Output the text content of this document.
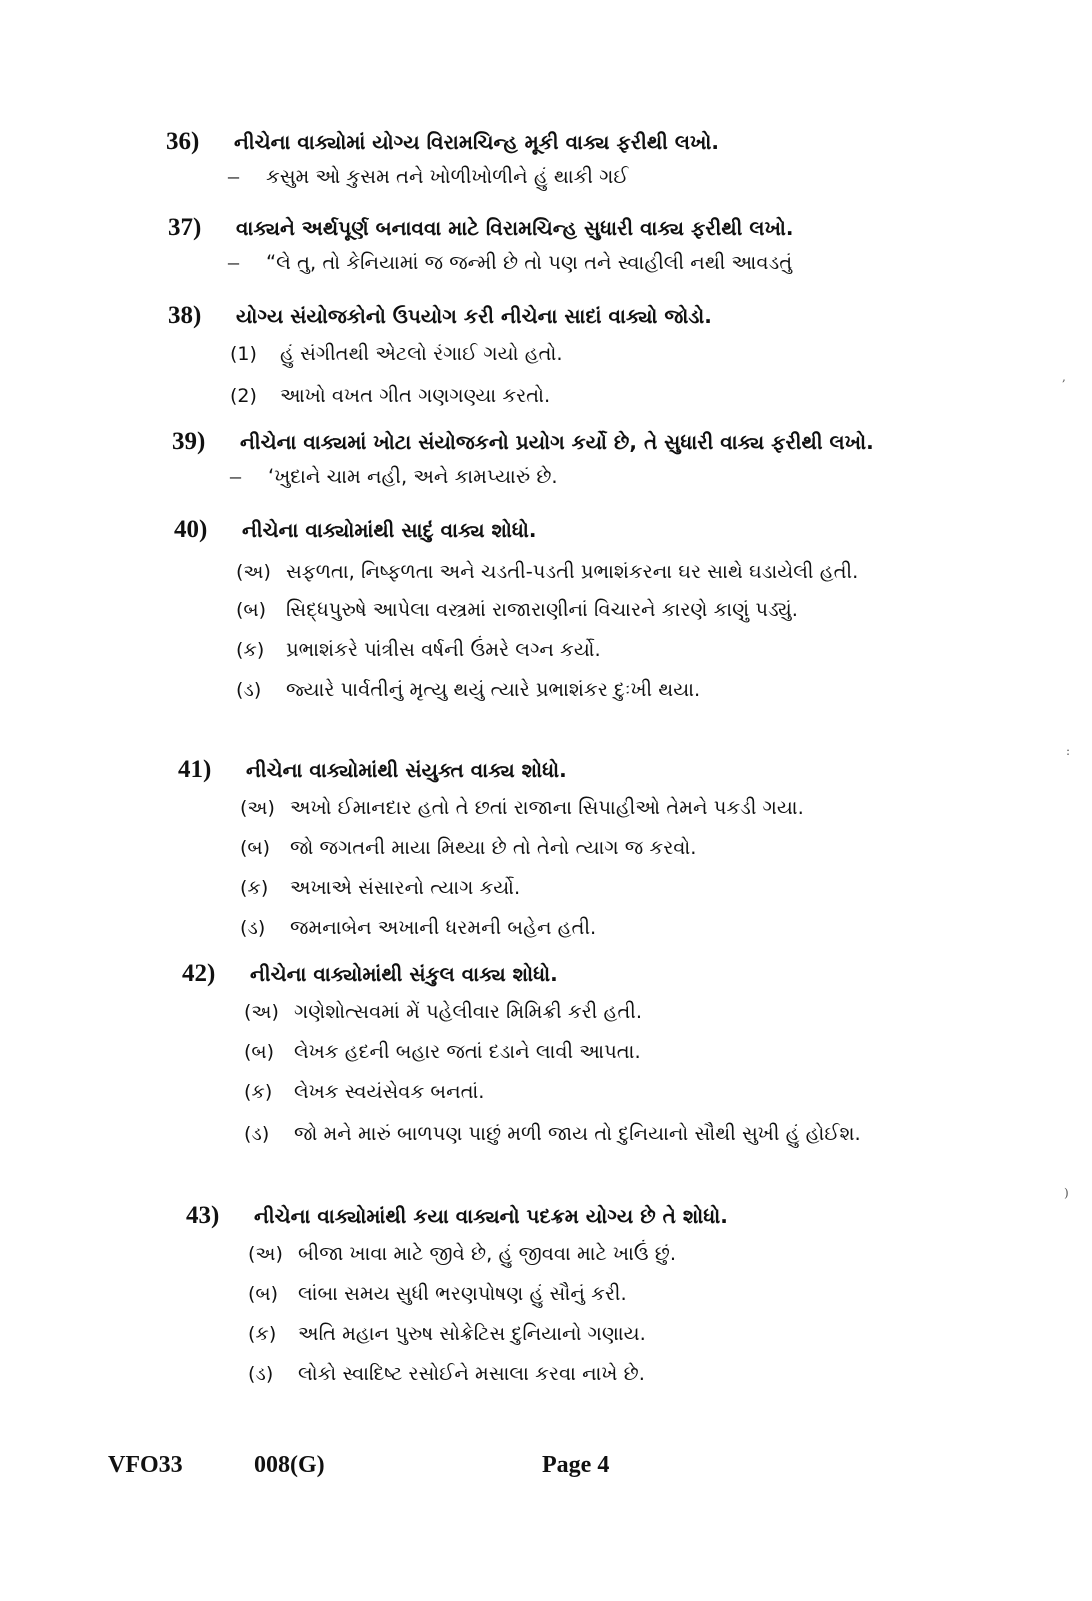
36)	નીચેના વાક્યોમાં યોગ્ય વિરામચિન્હ મૂકી વાક્ય ફરીથી લખો.
–	કસુમ ઓ કુસમ તને ખોળીખોળીને હું થાકી ગઈ
37)	વાક્યને અર્થપૂર્ણ બનાવવા માટે વિરામચિન્હ સુધારી વાક્ય ફરીથી લખો.
–	“લે તુ, તો કેનિયામાં જ જન્મી છે તો પણ તને સ્વાહીલી નથી આવડતું
38)	યોગ્ય સંયોજકોનો ઉપયોગ કરી નીચેના સાદાં વાક્યો જોડો.
(1)	હું સંગીતથી એટલો રંગાઈ ગયો હતો.
(2)	આખો વખત ગીત ગણગણ્યા કરતો.
39)	નીચેના વાક્યમાં ખોટા સંયોજકનો પ્રયોગ કર્યો છે, તે સુધારી વાક્ય ફરીથી લખો.
–	‘ખુદાને ચામ નહી, અને કામપ્યારું છે.
40)	નીચેના વાક્યોમાંથી સાદું વાક્ય શોધો.
(અ) સફળતા, નિષ્ફળતા અને ચડતી-પડતી પ્રભાશંકરના ઘર સાથે ઘડાયેલી હતી.
(બ)	સિદ્ધપુરુષે આપેલા વસ્ત્રમાં રાજારાણીનાં વિચારને કારણે કાણું પડ્યું.
(ક)	પ્રભાશંકરે પાંત્રીસ વર્ષની ઉંમરે લગ્ન કર્યો.
(ડ)	જ્યારે પાર્વતીનું મૃત્યુ થયું ત્યારે પ્રભાશંકર દુઃખી થયા.
41)	નીચેના વાક્યોમાંથી સંયુક્ત વાક્ય શોધો.
(અ) અખો ઈમાનદાર હતો તે છતાં રાજાના સિપાહીઓ તેમને પકડી ગયા.
(બ)	જો જગતની માયા મિથ્યા છે તો તેનો ત્યાગ જ કરવો.
(ક)	અખાએ સંસારનો ત્યાગ કર્યો.
(ડ)	જમનાબેન અખાની ધરમની બહેન હતી.
42)	નીચેના વાક્યોમાંથી સંકુલ વાક્ય શોધો.
(અ) ગણેશોત્સવમાં મેં પહેલીવાર મિમિક્રી કરી હતી.
(બ)	લેખક હદની બહાર જતાં દડાને લાવી આપતા.
(ક)	લેખક સ્વયંસેવક બનતાં.
(ડ)	જો મને મારું બાળપણ પાછું મળી જાય તો દુનિયાનો સૌથી સુખી હું હોઈશ.
43)	નીચેના વાક્યોમાંથી કયા વાક્યનો પદક્રમ યોગ્ય છે તે શોધો.
(અ) બીજા ખાવા માટે જીવે છે, હું જીવવા માટે ખાઉં છું.
(બ)	લાંબા સમય સુધી ભરણપોષણ હું સૌનું કરી.
(ક)	અતિ મહાન પુરુષ સોક્રેટિસ દુનિયાનો ગણાય.
(ડ)	લોકો સ્વાદિષ્ટ રસોઈને મસાલા કરવા નાખે છે.
,
:
)
VFO33	008(G)	Page 4
